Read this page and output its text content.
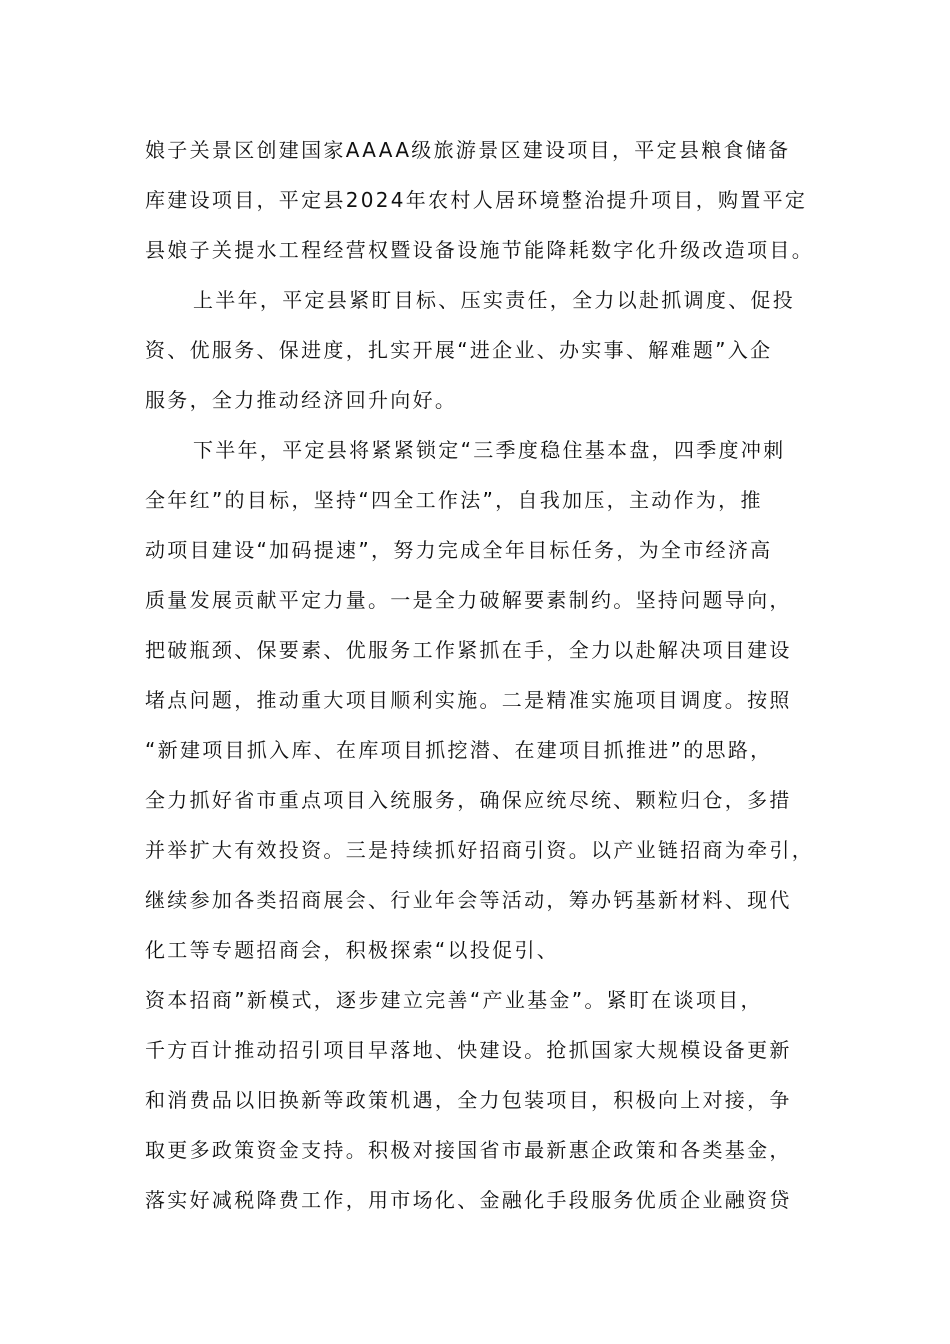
娘子关景区创建国家AAAA级旅游景区建设项目，平定县粮食储备
库建设项目，平定县2024年农村人居环境整治提升项目，购置平定
县娘子关提水工程经营权暨设备设施节能降耗数字化升级改造项目。
上半年，平定县紧盯目标、压实责任，全力以赴抓调度、促投
资、优服务、保进度，扎实开展“进企业、办实事、解难题”入企
服务，全力推动经济回升向好。
下半年，平定县将紧紧锁定“三季度稳住基本盘，四季度冲刺
全年红”的目标，坚持“四全工作法”，自我加压，主动作为，推
动项目建设“加码提速”，努力完成全年目标任务，为全市经济高
质量发展贡献平定力量。一是全力破解要素制约。坚持问题导向，
把破瓶颈、保要素、优服务工作紧抓在手，全力以赴解决项目建设
堵点问题，推动重大项目顺利实施。二是精准实施项目调度。按照
“新建项目抓入库、在库项目抓挖潜、在建项目抓推进”的思路，
全力抓好省市重点项目入统服务，确保应统尽统、颗粒归仓，多措
并举扩大有效投资。三是持续抓好招商引资。以产业链招商为牵引，
继续参加各类招商展会、行业年会等活动，筹办钙基新材料、现代
化工等专题招商会，积极探索“以投促引、
资本招商”新模式，逐步建立完善“产业基金”。紧盯在谈项目，
千方百计推动招引项目早落地、快建设。抢抓国家大规模设备更新
和消费品以旧换新等政策机遇，全力包装项目，积极向上对接，争
取更多政策资金支持。积极对接国省市最新惠企政策和各类基金，
落实好减税降费工作，用市场化、金融化手段服务优质企业融资贷
